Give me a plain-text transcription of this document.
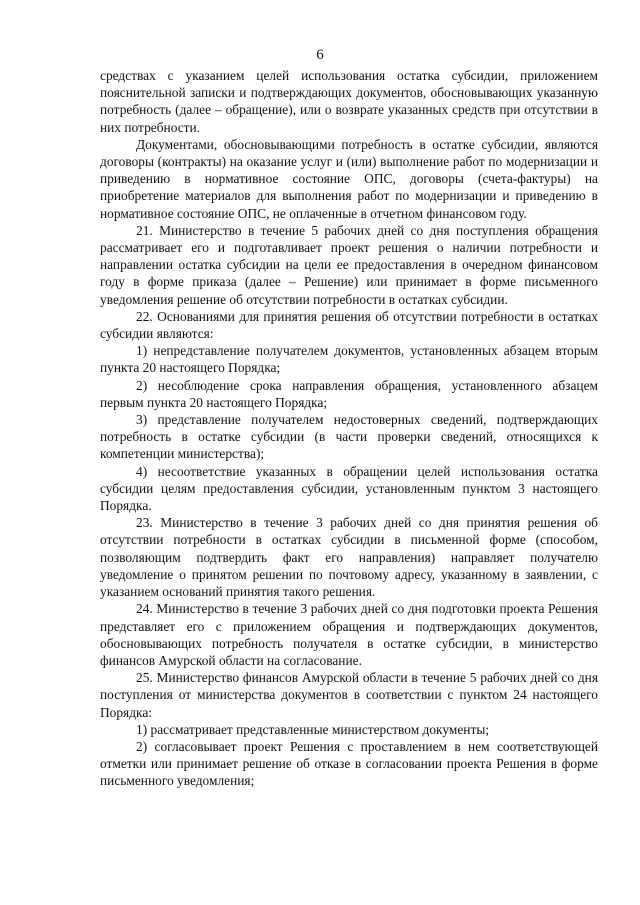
6

средствах с указанием целей использования остатка субсидии, приложением пояснительной записки и подтверждающих документов, обосновывающих указанную потребность (далее – обращение), или о возврате указанных средств при отсутствии в них потребности.

Документами, обосновывающими потребность в остатке субсидии, являются договоры (контракты) на оказание услуг и (или) выполнение работ по модернизации и приведению в нормативное состояние ОПС, договоры (счета-фактуры) на приобретение материалов для выполнения работ по модернизации и приведению в нормативное состояние ОПС, не оплаченные в отчетном финансовом году.

21. Министерство в течение 5 рабочих дней со дня поступления обращения рассматривает его и подготавливает проект решения о наличии потребности и направлении остатка субсидии на цели ее предоставления в очередном финансовом году в форме приказа (далее – Решение) или принимает в форме письменного уведомления решение об отсутствии потребности в остатках субсидии.

22. Основаниями для принятия решения об отсутствии потребности в остатках субсидии являются:

1) непредставление получателем документов, установленных абзацем вторым пункта 20 настоящего Порядка;

2) несоблюдение срока направления обращения, установленного абзацем первым пункта 20 настоящего Порядка;

3) представление получателем недостоверных сведений, подтверждающих потребность в остатке субсидии (в части проверки сведений, относящихся к компетенции министерства);

4) несоответствие указанных в обращении целей использования остатка субсидии целям предоставления субсидии, установленным пунктом 3 настоящего Порядка.

23. Министерство в течение 3 рабочих дней со дня принятия решения об отсутствии потребности в остатках субсидии в письменной форме (способом, позволяющим подтвердить факт его направления) направляет получателю уведомление о принятом решении по почтовому адресу, указанному в заявлении, с указанием оснований принятия такого решения.

24. Министерство в течение 3 рабочих дней со дня подготовки проекта Решения представляет его с приложением обращения и подтверждающих документов, обосновывающих потребность получателя в остатке субсидии, в министерство финансов Амурской области на согласование.

25. Министерство финансов Амурской области в течение 5 рабочих дней со дня поступления от министерства документов в соответствии с пунктом 24 настоящего Порядка:

1) рассматривает представленные министерством документы;

2) согласовывает проект Решения с проставлением в нем соответствующей отметки или принимает решение об отказе в согласовании проекта Решения в форме письменного уведомления;
